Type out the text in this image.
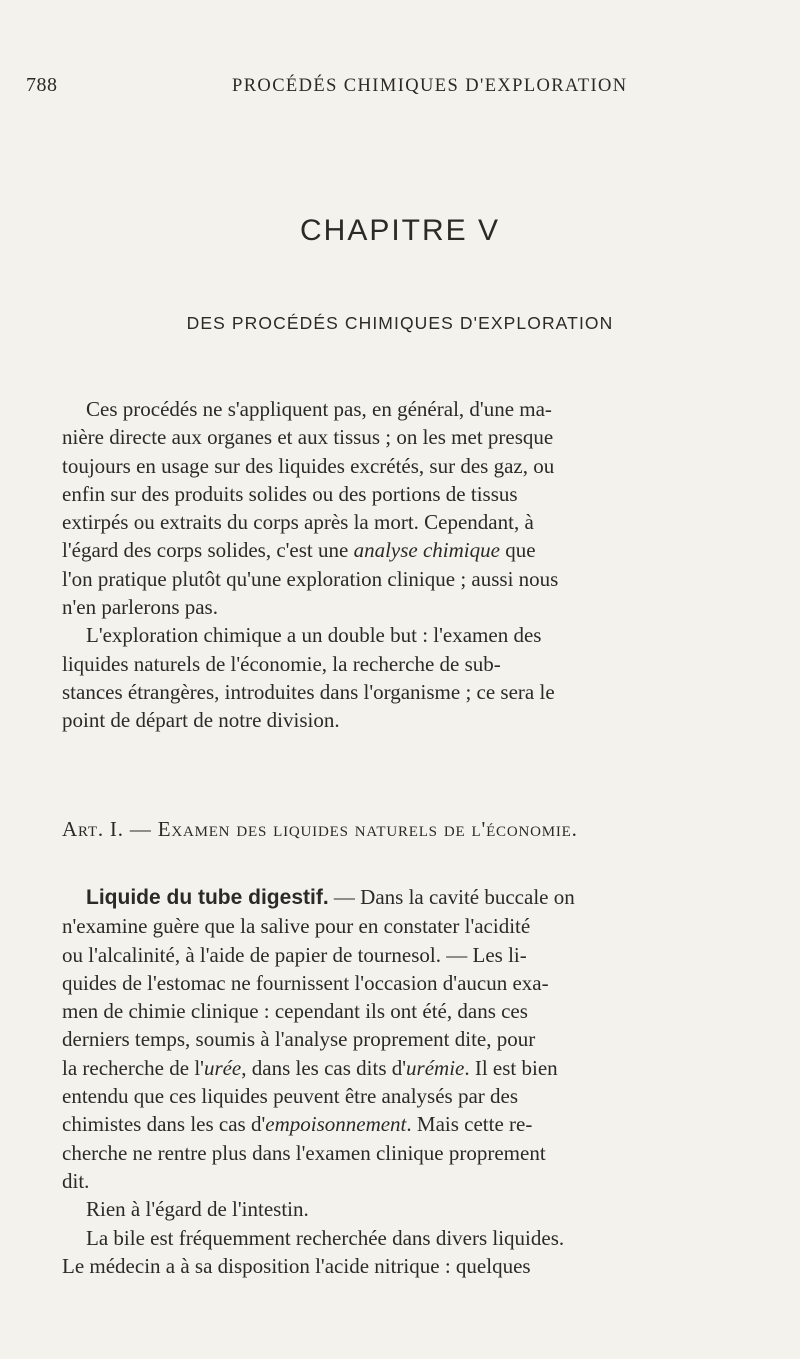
788	PROCÉDÉS CHIMIQUES D'EXPLORATION
CHAPITRE V
DES PROCÉDÉS CHIMIQUES D'EXPLORATION
Ces procédés ne s'appliquent pas, en général, d'une ma-
nière directe aux organes et aux tissus ; on les met presque
toujours en usage sur des liquides excrétés, sur des gaz, ou
enfin sur des produits solides ou des portions de tissus
extirpés ou extraits du corps après la mort. Cependant, à
l'égard des corps solides, c'est une analyse chimique que
l'on pratique plutôt qu'une exploration clinique ; aussi nous
n'en parlerons pas.
L'exploration chimique a un double but : l'examen des
liquides naturels de l'économie, la recherche de sub-
stances étrangères, introduites dans l'organisme ; ce sera le
point de départ de notre division.
Art. I. — Examen des liquides naturels de l'économie.
Liquide du tube digestif. — Dans la cavité buccale on
n'examine guère que la salive pour en constater l'acidité
ou l'alcalinité, à l'aide de papier de tournesol. — Les li-
quides de l'estomac ne fournissent l'occasion d'aucun exa-
men de chimie clinique : cependant ils ont été, dans ces
derniers temps, soumis à l'analyse proprement dite, pour
la recherche de l'urée, dans les cas dits d'urémie. Il est bien
entendu que ces liquides peuvent être analysés par des
chimistes dans les cas d'empoisonnement. Mais cette re-
cherche ne rentre plus dans l'examen clinique proprement
dit.
Rien à l'égard de l'intestin.
La bile est fréquemment recherchée dans divers liquides.
Le médecin a à sa disposition l'acide nitrique : quelques
